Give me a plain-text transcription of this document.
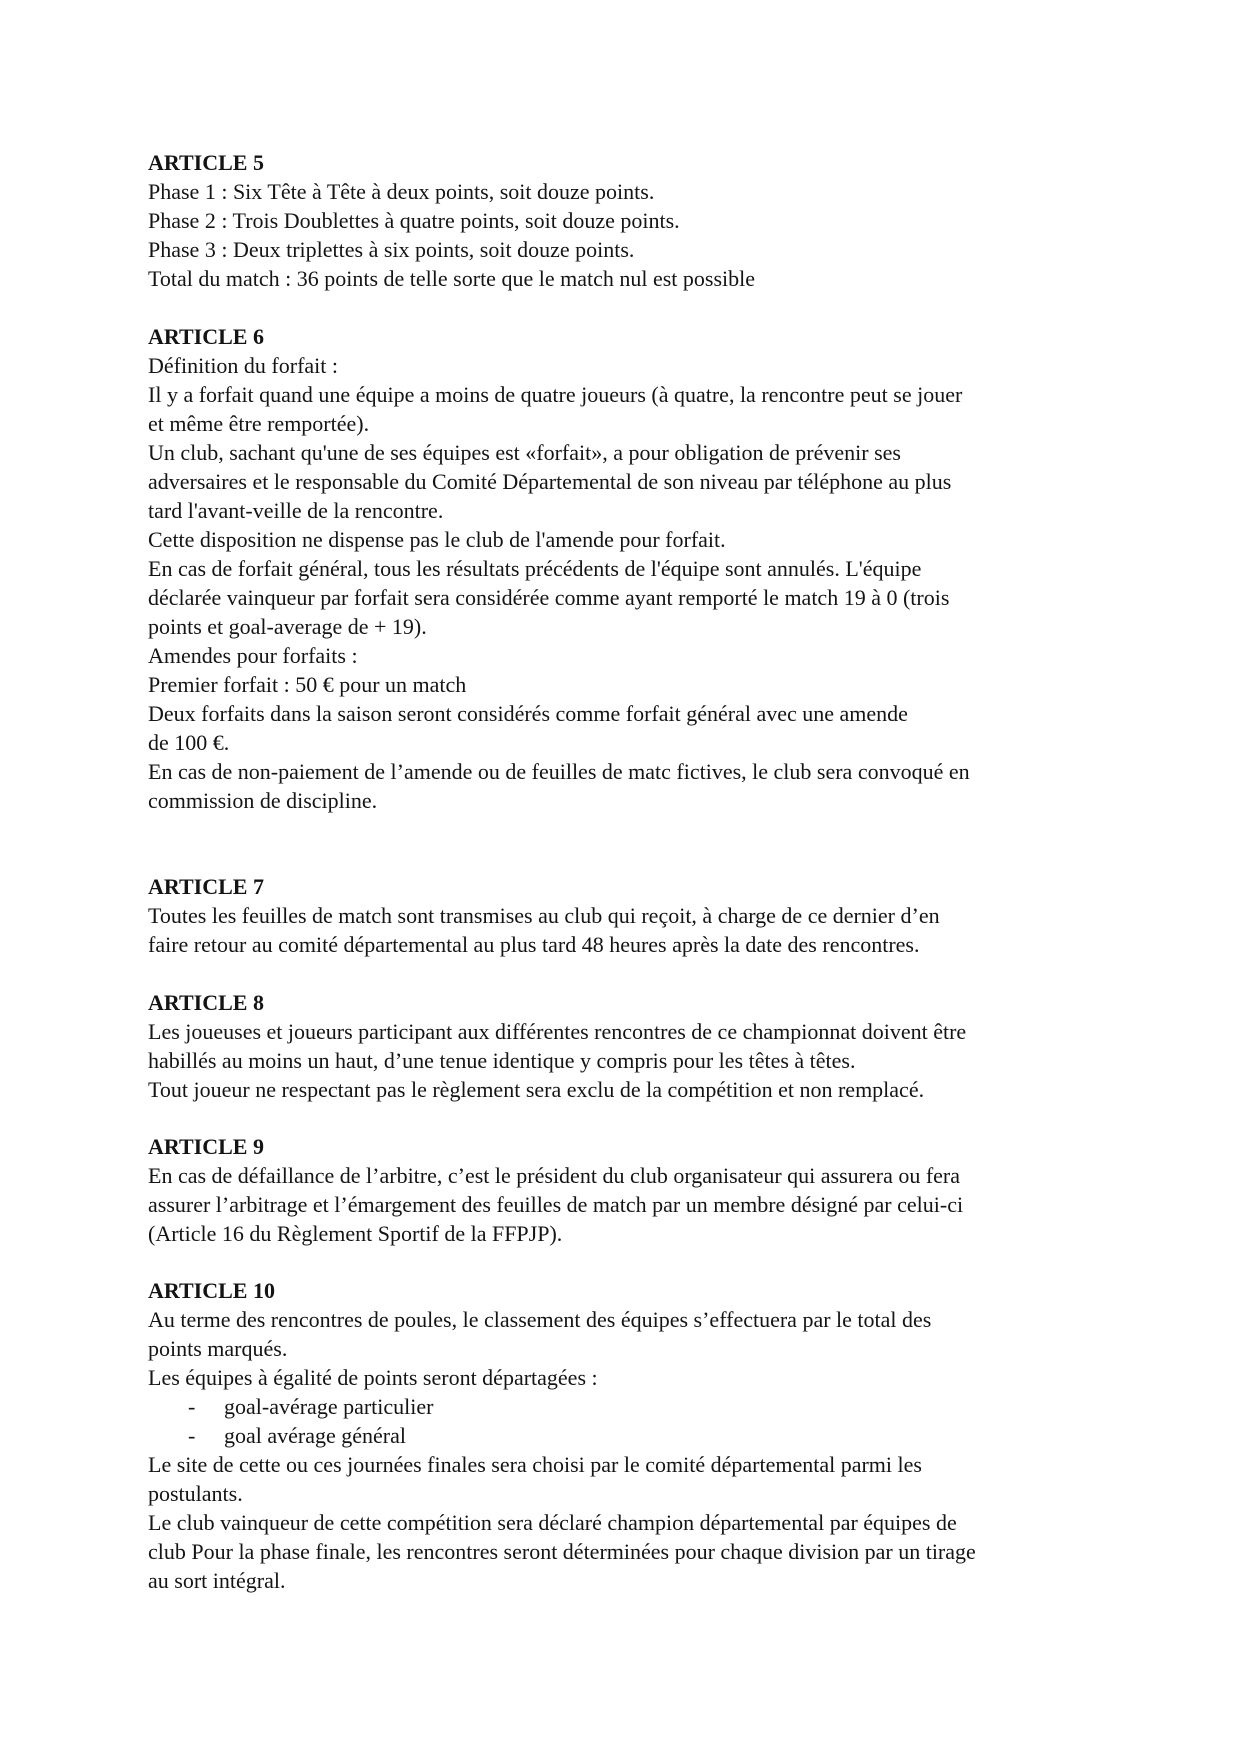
ARTICLE 5

Phase 1 : Six Tête à Tête à deux points, soit douze points.

Phase 2 : Trois Doublettes à quatre points, soit douze points.

Phase 3 : Deux triplettes à six points, soit douze points.

Total du match : 36 points de telle sorte que le match nul est possible

ARTICLE 6

Définition du forfait :

Il y a forfait quand une équipe a moins de quatre joueurs (à quatre, la rencontre peut se jouer

et même être remportée).

Un club, sachant qu'une de ses équipes est «forfait», a pour obligation de prévenir ses

adversaires et le responsable du Comité Départemental de son niveau par téléphone au plus

tard l'avant-veille de la rencontre.

Cette disposition ne dispense pas le club de l'amende pour forfait.

En cas de forfait général, tous les résultats précédents de l'équipe sont annulés. L'équipe

déclarée vainqueur par forfait sera considérée comme ayant remporté le match 19 à 0 (trois

points et goal-average de + 19).

Amendes pour forfaits :

Premier forfait : 50 € pour un match

Deux forfaits dans la saison seront considérés comme forfait général avec une amende

de 100 €.

En cas de non-paiement de l’amende ou de feuilles de matc fictives, le club sera convoqué en

commission de discipline.

ARTICLE 7

Toutes les feuilles de match sont transmises au club qui reçoit, à charge de ce dernier d’en

faire retour au comité départemental au plus tard 48 heures après la date des rencontres.

ARTICLE 8

Les joueuses et joueurs participant aux différentes rencontres de ce championnat doivent être

habillés au moins un haut, d’une tenue identique y compris pour les têtes à têtes.

Tout joueur ne respectant pas le règlement sera exclu de la compétition et non remplacé.

ARTICLE 9

En cas de défaillance de l’arbitre, c’est le président du club organisateur qui assurera ou fera

assurer l’arbitrage et l’émargement des feuilles de match par un membre désigné par celui-ci

(Article 16 du Règlement Sportif de la FFPJP).

ARTICLE 10

Au terme des rencontres de poules, le classement des équipes s’effectuera par le total des

points marqués.

Les équipes à égalité de points seront départagées :

- goal-avérage particulier
- goal avérage général

Le site de cette ou ces journées finales sera choisi par le comité départemental parmi les

postulants.

Le club vainqueur de cette compétition sera déclaré champion départemental par équipes de

club Pour la phase finale, les rencontres seront déterminées pour chaque division par un tirage

au sort intégral.
